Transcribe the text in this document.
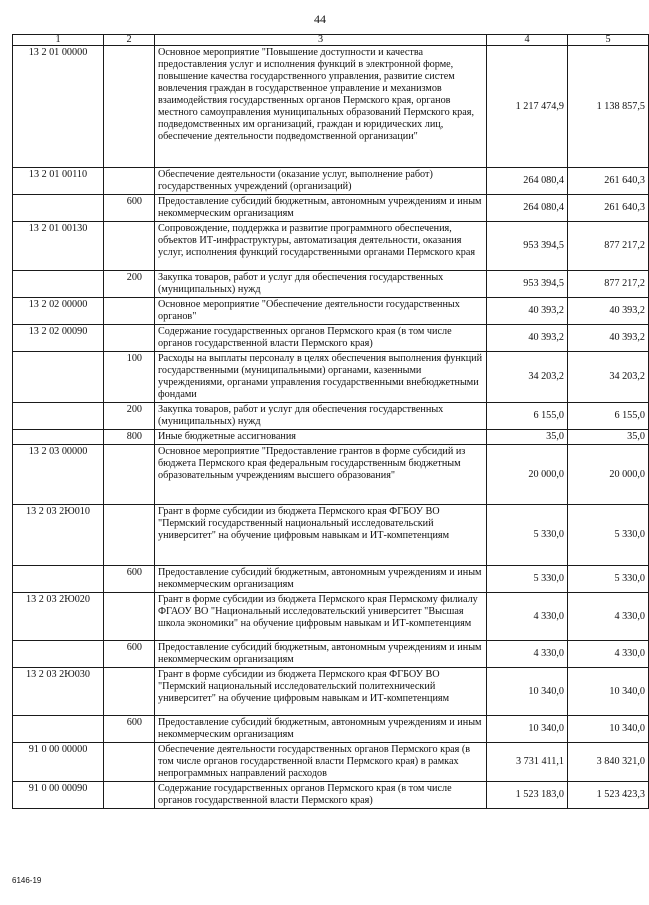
44
1	2	3	4	5
13 2 01 00000		Основное мероприятие "Повышение доступности и качества предоставления услуг и исполнения функций в электронной форме, повышение качества государственного управления, развитие систем вовлечения граждан в государственное управление и механизмов взаимодействия государственных органов Пермского края, органов местного самоуправления муниципальных образований Пермского края, подведомственных им организаций, граждан и юридических лиц, обеспечение деятельности подведомственной организации"	1 217 474,9	1 138 857,5
13 2 01 00110		Обеспечение деятельности (оказание услуг, выполнение работ) государственных учреждений (организаций)	264 080,4	261 640,3
	600	Предоставление субсидий бюджетным, автономным учреждениям и иным некоммерческим организациям	264 080,4	261 640,3
13 2 01 00130		Сопровождение, поддержка и развитие программного обеспечения, объектов ИТ-инфраструктуры, автоматизация деятельности, оказания услуг, исполнения функций государственными органами Пермского края	953 394,5	877 217,2
	200	Закупка товаров, работ и услуг для обеспечения государственных (муниципальных) нужд	953 394,5	877 217,2
13 2 02 00000		Основное мероприятие "Обеспечение деятельности государственных органов"	40 393,2	40 393,2
13 2 02 00090		Содержание государственных органов Пермского края (в том числе органов государственной власти Пермского края)	40 393,2	40 393,2
	100	Расходы на выплаты персоналу в целях обеспечения выполнения функций государственными (муниципальными) органами, казенными учреждениями, органами управления государственными внебюджетными фондами	34 203,2	34 203,2
	200	Закупка товаров, работ и услуг для обеспечения государственных (муниципальных) нужд	6 155,0	6 155,0
	800	Иные бюджетные ассигнования	35,0	35,0
13 2 03 00000		Основное мероприятие "Предоставление грантов в форме субсидий из бюджета Пермского края федеральным государственным бюджетным образовательным учреждениям высшего образования"	20 000,0	20 000,0
13 2 03 2Ю010		Грант в форме субсидии из бюджета Пермского края ФГБОУ ВО "Пермский государственный национальный исследовательский университет" на обучение цифровым навыкам и ИТ-компетенциям	5 330,0	5 330,0
	600	Предоставление субсидий бюджетным, автономным учреждениям и иным некоммерческим организациям	5 330,0	5 330,0
13 2 03 2Ю020		Грант в форме субсидии из бюджета Пермского края Пермскому филиалу ФГАОУ ВО "Национальный исследовательский университет "Высшая школа экономики" на обучение цифровым навыкам и ИТ-компетенциям	4 330,0	4 330,0
	600	Предоставление субсидий бюджетным, автономным учреждениям и иным некоммерческим организациям	4 330,0	4 330,0
13 2 03 2Ю030		Грант в форме субсидии из бюджета Пермского края ФГБОУ ВО "Пермский национальный исследовательский политехнический университет" на обучение цифровым навыкам и ИТ-компетенциям	10 340,0	10 340,0
	600	Предоставление субсидий бюджетным, автономным учреждениям и иным некоммерческим организациям	10 340,0	10 340,0
91 0 00 00000		Обеспечение деятельности государственных органов Пермского края (в том числе органов государственной власти Пермского края) в рамках непрограммных направлений расходов	3 731 411,1	3 840 321,0
91 0 00 00090		Содержание государственных органов Пермского края (в том числе органов государственной власти Пермского края)	1 523 183,0	1 523 423,3
6146-19
